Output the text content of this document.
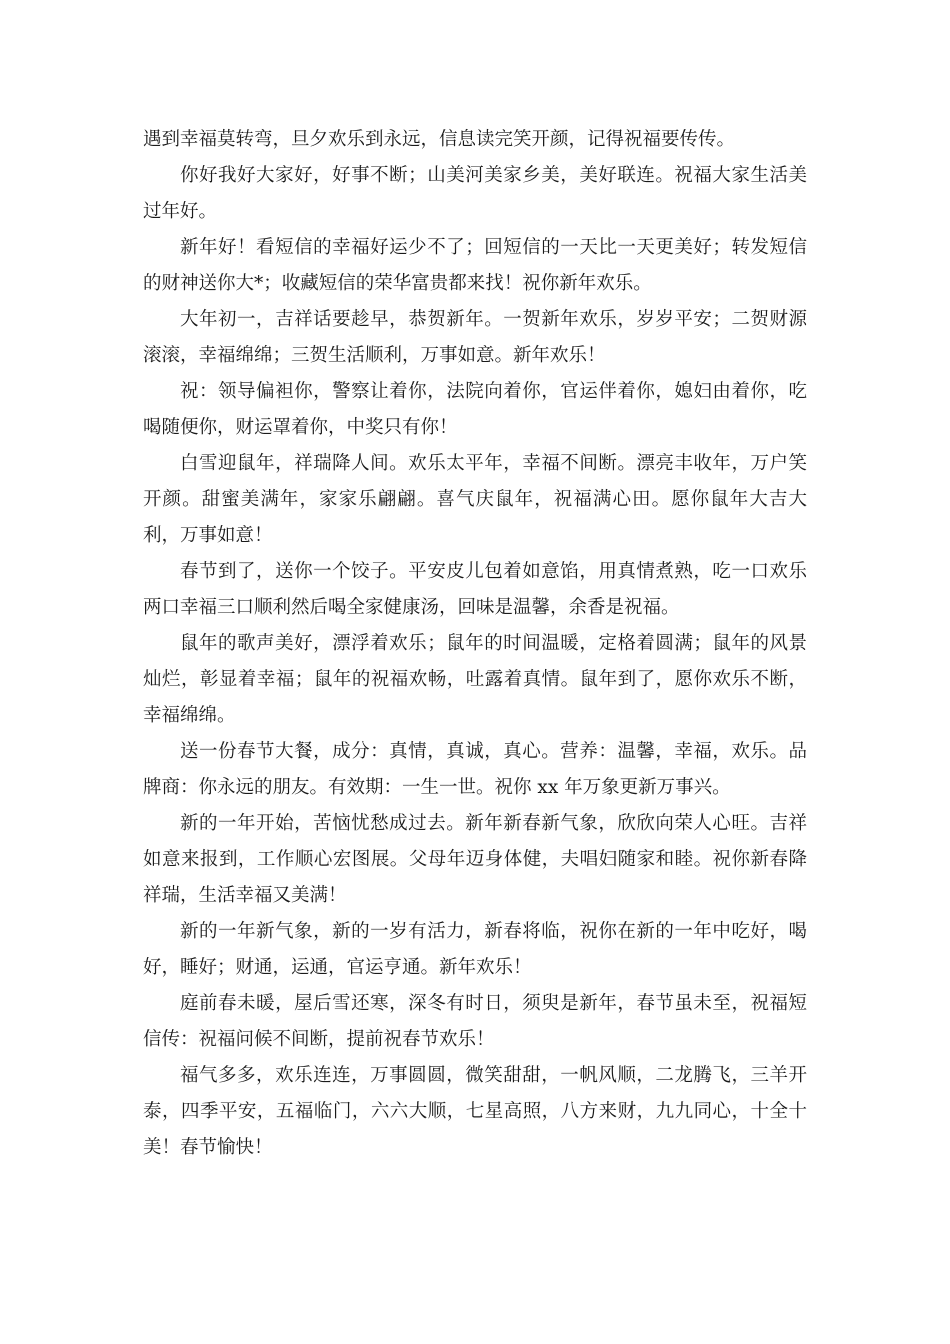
遇到幸福莫转弯，旦夕欢乐到永远，信息读完笑开颜，记得祝福要传传。

你好我好大家好，好事不断；山美河美家乡美，美好联连。祝福大家生活美过年好。

新年好！看短信的幸福好运少不了；回短信的一天比一天更美好；转发短信的财神送你大*；收藏短信的荣华富贵都来找！祝你新年欢乐。

大年初一，吉祥话要趁早，恭贺新年。一贺新年欢乐，岁岁平安；二贺财源滚滚，幸福绵绵；三贺生活顺利，万事如意。新年欢乐！

祝：领导偏袒你，警察让着你，法院向着你，官运伴着你，媳妇由着你，吃喝随便你，财运罩着你，中奖只有你！

白雪迎鼠年，祥瑞降人间。欢乐太平年，幸福不间断。漂亮丰收年，万户笑开颜。甜蜜美满年，家家乐翩翩。喜气庆鼠年，祝福满心田。愿你鼠年大吉大利，万事如意！

春节到了，送你一个饺子。平安皮儿包着如意馅，用真情煮熟，吃一口欢乐两口幸福三口顺利然后喝全家健康汤，回味是温馨，余香是祝福。

鼠年的歌声美好，漂浮着欢乐；鼠年的时间温暖，定格着圆满；鼠年的风景灿烂，彰显着幸福；鼠年的祝福欢畅，吐露着真情。鼠年到了，愿你欢乐不断，幸福绵绵。

送一份春节大餐，成分：真情，真诚，真心。营养：温馨，幸福，欢乐。品牌商：你永远的朋友。有效期：一生一世。祝你 xx 年万象更新万事兴。

新的一年开始，苦恼忧愁成过去。新年新春新气象，欣欣向荣人心旺。吉祥如意来报到，工作顺心宏图展。父母年迈身体健，夫唱妇随家和睦。祝你新春降祥瑞，生活幸福又美满！

新的一年新气象，新的一岁有活力，新春将临，祝你在新的一年中吃好，喝好，睡好；财通，运通，官运亨通。新年欢乐！

庭前春未暖，屋后雪还寒，深冬有时日，须臾是新年，春节虽未至，祝福短信传：祝福问候不间断，提前祝春节欢乐！

福气多多，欢乐连连，万事圆圆，微笑甜甜，一帆风顺，二龙腾飞，三羊开泰，四季平安，五福临门，六六大顺，七星高照，八方来财，九九同心，十全十美！春节愉快！
